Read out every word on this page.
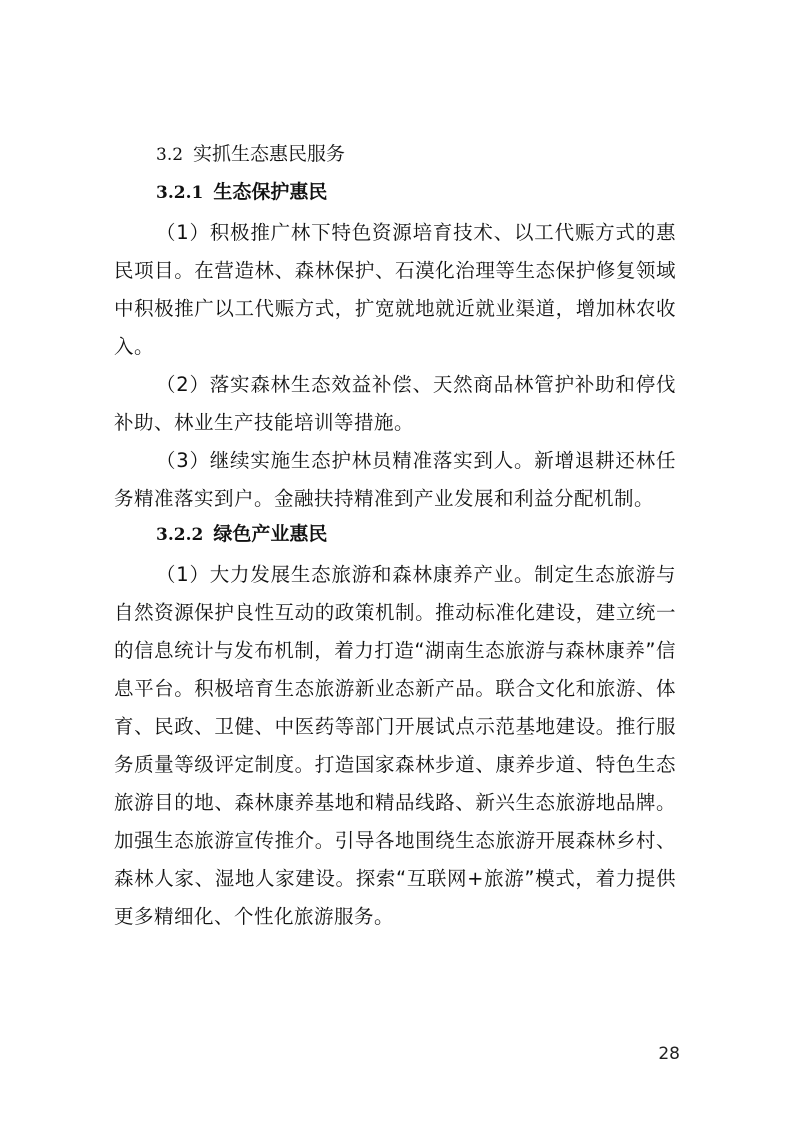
3.2 实抓生态惠民服务
3.2.1 生态保护惠民

（1）积极推广林下特色资源培育技术、以工代赈方式的惠民项目。在营造林、森林保护、石漠化治理等生态保护修复领域中积极推广以工代赈方式，扩宽就地就近就业渠道，增加林农收入。

（2）落实森林生态效益补偿、天然商品林管护补助和停伐补助、林业生产技能培训等措施。

（3）继续实施生态护林员精准落实到人。新增退耕还林任务精准落实到户。金融扶持精准到产业发展和利益分配机制。

3.2.2 绿色产业惠民

（1）大力发展生态旅游和森林康养产业。制定生态旅游与自然资源保护良性互动的政策机制。推动标准化建设，建立统一的信息统计与发布机制，着力打造“湖南生态旅游与森林康养”信息平台。积极培育生态旅游新业态新产品。联合文化和旅游、体育、民政、卫健、中医药等部门开展试点示范基地建设。推行服务质量等级评定制度。打造国家森林步道、康养步道、特色生态旅游目的地、森林康养基地和精品线路、新兴生态旅游地品牌。加强生态旅游宣传推介。引导各地围绕生态旅游开展森林乡村、森林人家、湿地人家建设。探索“互联网+旅游”模式，着力提供更多精细化、个性化旅游服务。

28
